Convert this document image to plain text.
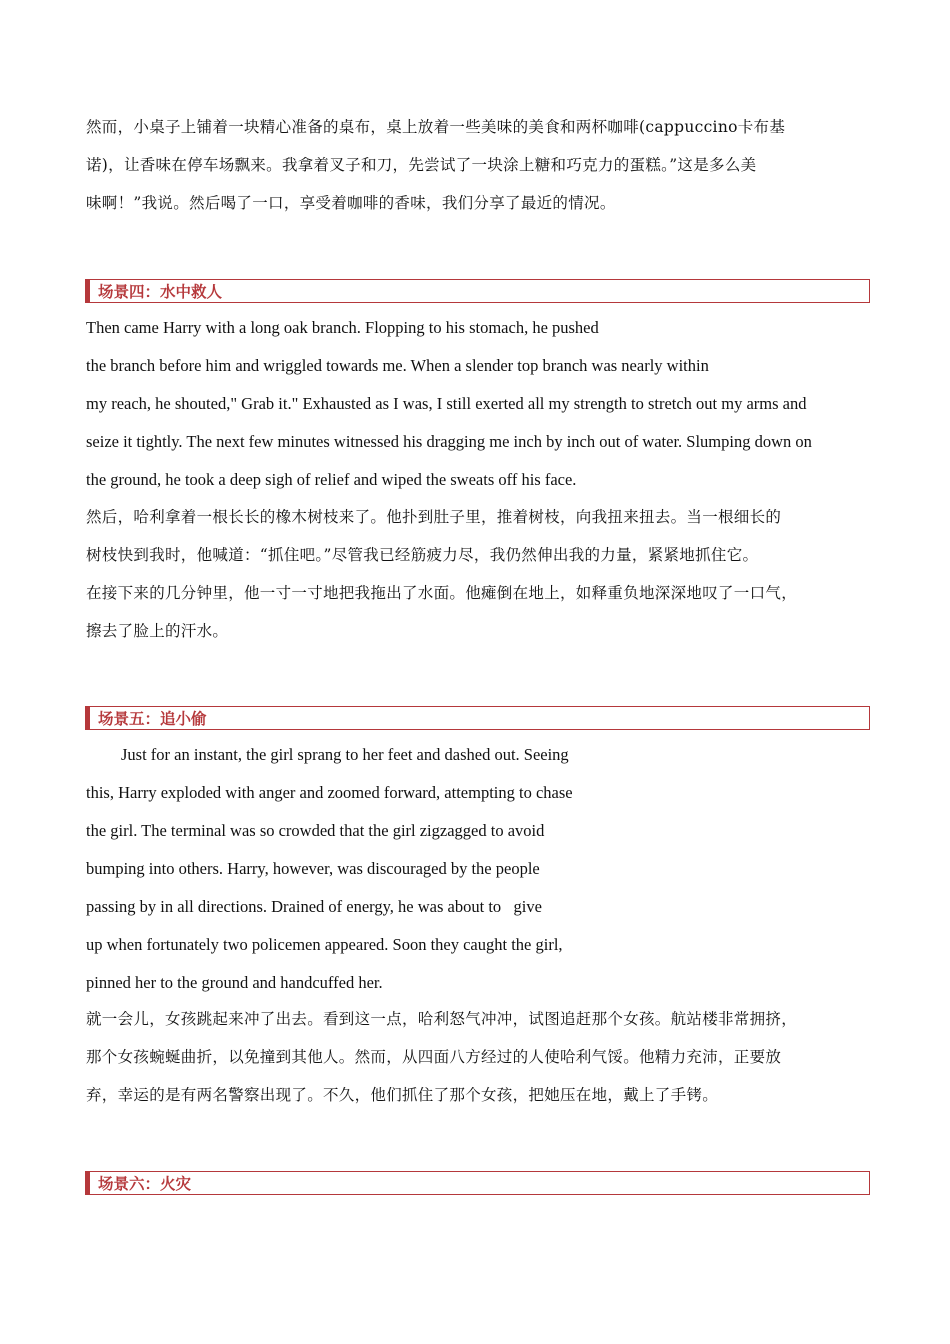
然而，小桌子上铺着一块精心准备的桌布，桌上放着一些美味的美食和两杯咖啡(cappuccino卡布基
诺)，让香味在停车场飘来。我拿着叉子和刀，先尝试了一块涂上糖和巧克力的蛋糕。”这是多么美
味啊！”我说。然后喝了一口，享受着咖啡的香味，我们分享了最近的情况。
场景四：水中救人
Then came Harry with a long oak branch. Flopping to his stomach, he pushed
the branch before him and wriggled towards me. When a slender top branch was nearly within
my reach, he shouted," Grab it." Exhausted as I was, I still exerted all my strength to stretch out my arms and
seize it tightly. The next few minutes witnessed his dragging me inch by inch out of water. Slumping down on
the ground, he took a deep sigh of relief and wiped the sweats off his face.
然后，哈利拿着一根长长的橡木树枝来了。他扑到肚子里，推着树枝，向我扭来扭去。当一根细长的
树枝快到我时，他喊道：“抓住吧。”尽管我已经筋疲力尽，我仍然伸出我的力量，紧紧地抓住它。
在接下来的几分钟里，他一寸一寸地把我拖出了水面。他瘫倒在地上，如释重负地深深地叹了一口气，
擦去了脸上的汗水。
场景五：追小偷
Just for an instant, the girl sprang to her feet and dashed out. Seeing
this, Harry exploded with anger and zoomed forward, attempting to chase
the girl. The terminal was so crowded that the girl zigzagged to avoid
bumping into others. Harry, however, was discouraged by the people
passing by in all directions. Drained of energy, he was about to   give
up when fortunately two policemen appeared. Soon they caught the girl,
pinned her to the ground and handcuffed her.
就一会儿，女孩跳起来冲了出去。看到这一点，哈利怒气冲冲，试图追赶那个女孩。航站楼非常拥挤，
那个女孩蜿蜒曲折，以免撞到其他人。然而，从四面八方经过的人使哈利气馁。他精力充沛，正要放
弃，幸运的是有两名警察出现了。不久，他们抓住了那个女孩，把她压在地，戴上了手铐。
场景六：火灾
